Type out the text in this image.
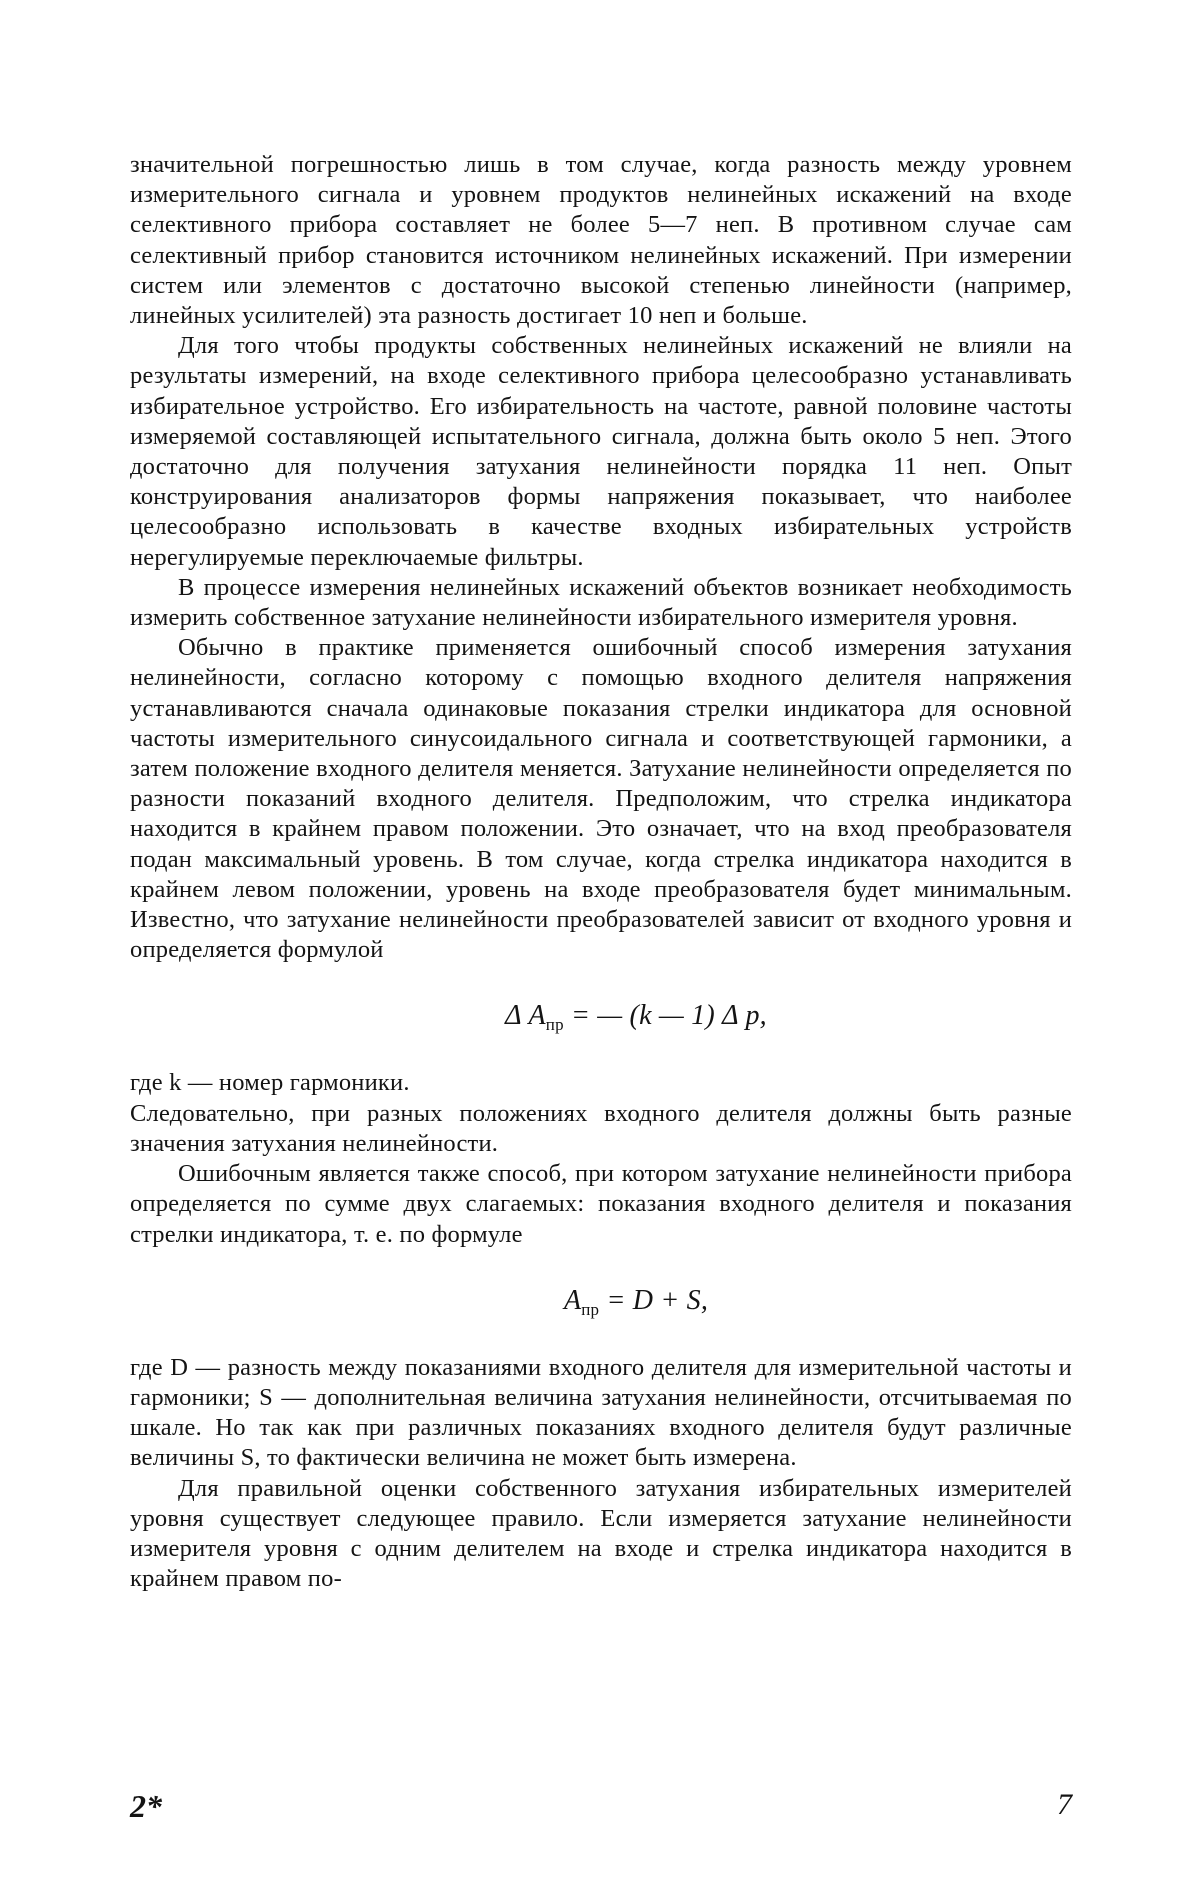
значительной погрешностью лишь в том случае, когда разность между уровнем измерительного сигнала и уровнем продуктов нелинейных искажений на входе селективного прибора составляет не более 5—7 неп. В противном случае сам селективный прибор становится источником нелинейных искажений. При измерении систем или элементов с достаточно высокой степенью линейности (например, линейных усилителей) эта разность достигает 10 неп и больше.

Для того чтобы продукты собственных нелинейных искажений не влияли на результаты измерений, на входе селективного прибора целесообразно устанавливать избирательное устройство. Его избирательность на частоте, равной половине частоты измеряемой составляющей испытательного сигнала, должна быть около 5 неп. Этого достаточно для получения затухания нелинейности порядка 11 неп. Опыт конструирования анализаторов формы напряжения показывает, что наиболее целесообразно использовать в качестве входных избирательных устройств нерегулируемые переключаемые фильтры.

В процессе измерения нелинейных искажений объектов возникает необходимость измерить собственное затухание нелинейности избирательного измерителя уровня.

Обычно в практике применяется ошибочный способ измерения затухания нелинейности, согласно которому с помощью входного делителя напряжения устанавливаются сначала одинаковые показания стрелки индикатора для основной частоты измерительного синусоидального сигнала и соответствующей гармоники, а затем положение входного делителя меняется. Затухание нелинейности определяется по разности показаний входного делителя. Предположим, что стрелка индикатора находится в крайнем правом положении. Это означает, что на вход преобразователя подан максимальный уровень. В том случае, когда стрелка индикатора находится в крайнем левом положении, уровень на входе преобразователя будет минимальным. Известно, что затухание нелинейности преобразователей зависит от входного уровня и определяется формулой

Δ $A_{пр}$ = — (k — 1) Δ p,

где k — номер гармоники.

Следовательно, при разных положениях входного делителя должны быть разные значения затухания нелинейности.

Ошибочным является также способ, при котором затухание нелинейности прибора определяется по сумме двух слагаемых: показания входного делителя и показания стрелки индикатора, т. е. по формуле

$A_{пр} = D + S$,

где D — разность между показаниями входного делителя для измерительной частоты и гармоники; S — дополнительная величина затухания нелинейности, отсчитываемая по шкале. Но так как при различных показаниях входного делителя будут различные величины S, то фактически величина не может быть измерена.

Для правильной оценки собственного затухания избирательных измерителей уровня существует следующее правило. Если измеряется затухание нелинейности измерителя уровня с одним делителем на входе и стрелка индикатора находится в крайнем правом по-

2*	7
